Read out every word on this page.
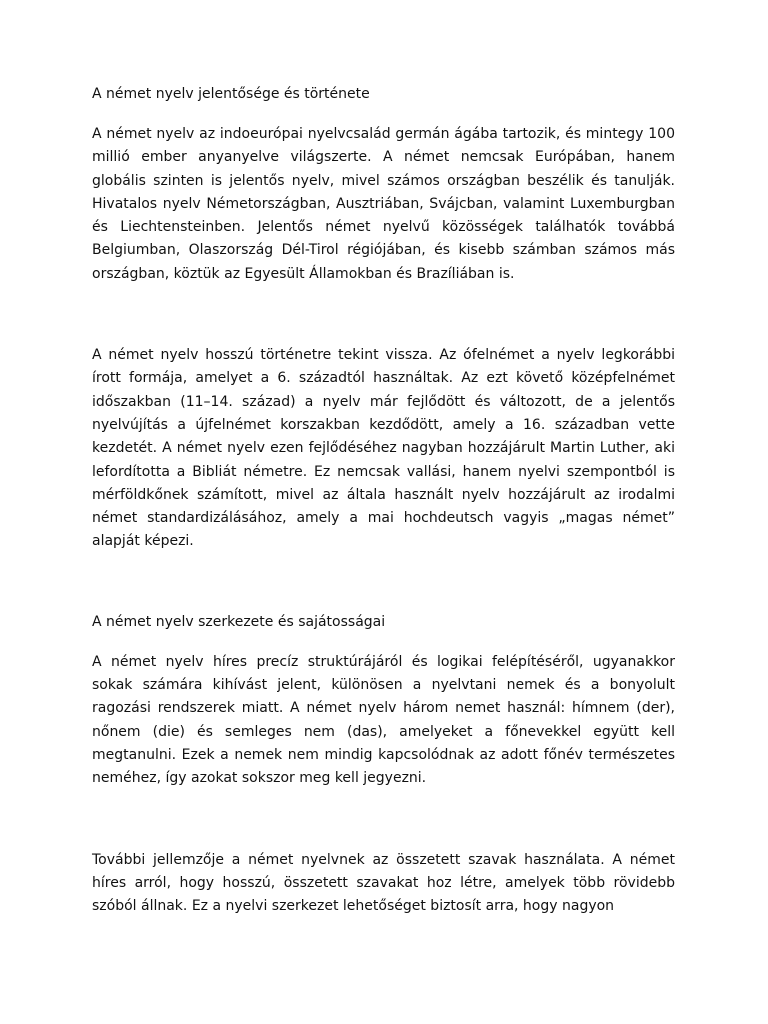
A német nyelv jelentősége és története

A német nyelv az indoeurópai nyelvcsalád germán ágába tartozik, és mintegy 100 millió ember anyanyelve világszerte. A német nemcsak Európában, hanem globális szinten is jelentős nyelv, mivel számos országban beszélik és tanulják. Hivatalos nyelv Németországban, Ausztriában, Svájcban, valamint Luxemburgban és Liechtensteinben. Jelentős német nyelvű közösségek találhatók továbbá Belgiumban, Olaszország Dél-Tirol régiójában, és kisebb számban számos más országban, köztük az Egyesült Államokban és Brazíliában is.

A német nyelv hosszú történetre tekint vissza. Az ófelnémet a nyelv legkorábbi írott formája, amelyet a 6. századtól használtak. Az ezt követő középfelnémet időszakban (11–14. század) a nyelv már fejlődött és változott, de a jelentős nyelvújítás a újfelnémet korszakban kezdődött, amely a 16. században vette kezdetét. A német nyelv ezen fejlődéséhez nagyban hozzájárult Martin Luther, aki lefordította a Bibliát németre. Ez nemcsak vallási, hanem nyelvi szempontból is mérföldkőnek számított, mivel az általa használt nyelv hozzájárult az irodalmi német standardizálásához, amely a mai hochdeutsch vagyis „magas német” alapját képezi.

A német nyelv szerkezete és sajátosságai

A német nyelv híres precíz struktúrájáról és logikai felépítéséről, ugyanakkor sokak számára kihívást jelent, különösen a nyelvtani nemek és a bonyolult ragozási rendszerek miatt. A német nyelv három nemet használ: hímnem (der), nőnem (die) és semleges nem (das), amelyeket a főnevekkel együtt kell megtanulni. Ezek a nemek nem mindig kapcsolódnak az adott főnév természetes neméhez, így azokat sokszor meg kell jegyezni.

További jellemzője a német nyelvnek az összetett szavak használata. A német híres arról, hogy hosszú, összetett szavakat hoz létre, amelyek több rövidebb szóból állnak. Ez a nyelvi szerkezet lehetőséget biztosít arra, hogy nagyon
